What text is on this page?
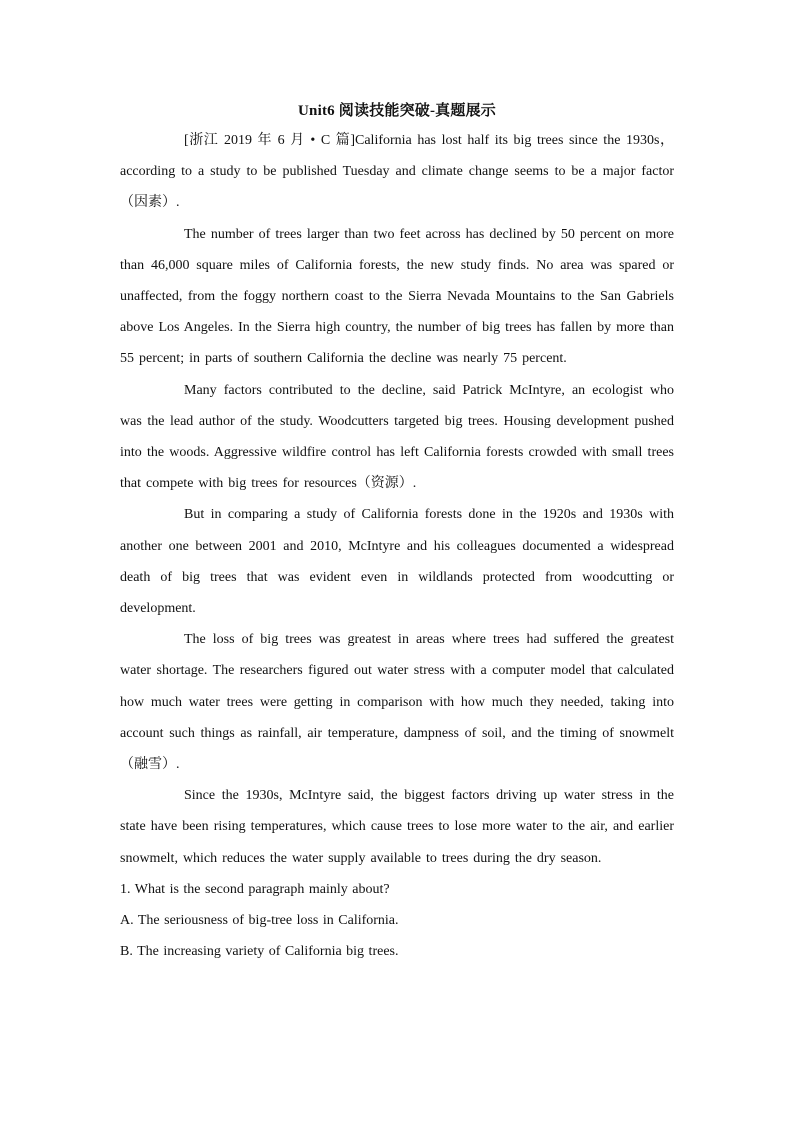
Unit6 阅读技能突破-真题展示

[浙江 2019 年 6 月 • C 篇]California has lost half its big trees since the 1930s， according to a study to be published Tuesday and climate change seems to be a major factor（因素）.

The number of trees larger than two feet across has declined by 50 percent on more than 46,000 square miles of California forests, the new study finds. No area was spared or unaffected, from the foggy northern coast to the Sierra Nevada Mountains to the San Gabriels above Los Angeles. In the Sierra high country, the number of big trees has fallen by more than 55 percent; in parts of southern California the decline was nearly 75 percent.

Many factors contributed to the decline, said Patrick McIntyre, an ecologist who was the lead author of the study. Woodcutters targeted big trees. Housing development pushed into the woods. Aggressive wildfire control has left California forests crowded with small trees that compete with big trees for resources（资源）.

But in comparing a study of California forests done in the 1920s and 1930s with another one between 2001 and 2010, McIntyre and his colleagues documented a widespread death of big trees that was evident even in wildlands protected from woodcutting or development.

The loss of big trees was greatest in areas where trees had suffered the greatest water shortage. The researchers figured out water stress with a computer model that calculated how much water trees were getting in comparison with how much they needed, taking into account such things as rainfall, air temperature, dampness of soil, and the timing of snowmelt （融雪）.

Since the 1930s, McIntyre said, the biggest factors driving up water stress in the state have been rising temperatures, which cause trees to lose more water to the air, and earlier snowmelt, which reduces the water supply available to trees during the dry season.

1. What is the second paragraph mainly about?

A. The seriousness of big-tree loss in California.

B. The increasing variety of California big trees.
